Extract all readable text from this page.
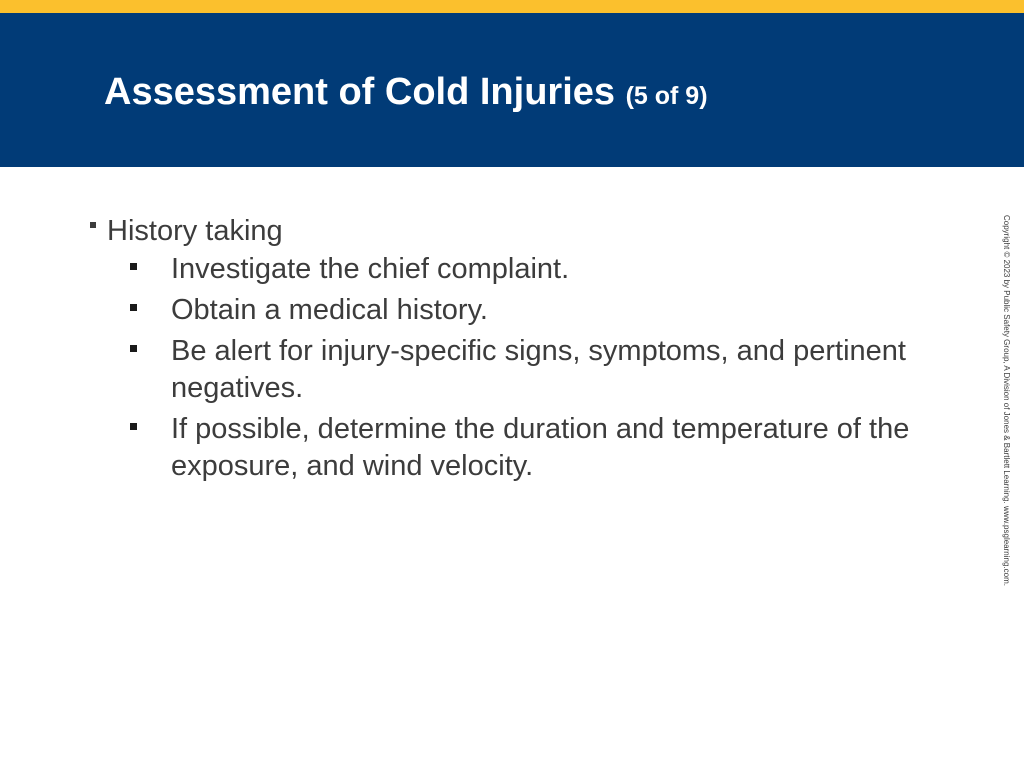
Assessment of Cold Injuries (5 of 9)
History taking
Investigate the chief complaint.
Obtain a medical history.
Be alert for injury-specific signs, symptoms, and pertinent negatives.
If possible, determine the duration and temperature of the exposure, and wind velocity.	Copyright © 2023 by Public Safety Group, A Division of Jones & Bartlett Learning. www.psglearning.com.
